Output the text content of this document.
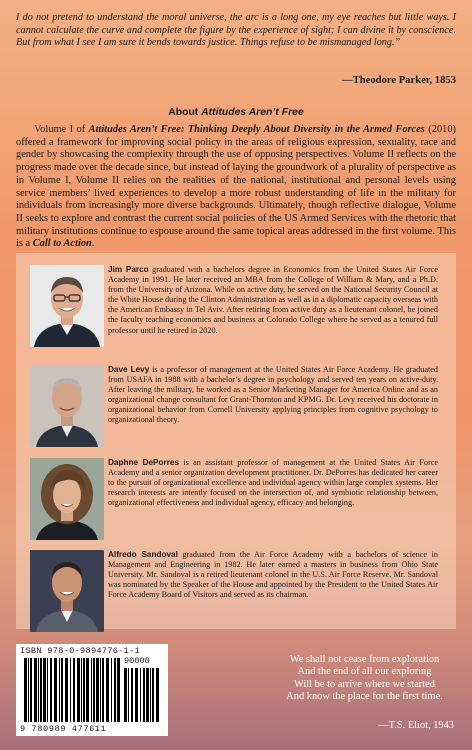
I do not pretend to understand the moral universe, the arc is a long one, my eye reaches but little ways. I cannot calculate the curve and complete the figure by the experience of sight; I can divine it by conscience. But from what I see I am sure it bends towards justice. Things refuse to be mismanaged long.”
—Theodore Parker, 1853
About Attitudes Aren’t Free
Volume I of Attitudes Aren’t Free: Thinking Deeply About Diversity in the Armed Forces (2010) offered a framework for improving social policy in the areas of religious expression, sexuality, race and gender by showcasing the complexity through the use of opposing perspectives. Volume II reflects on the progress made over the decade since, but instead of laying the groundwork of a plurality of perspective as in Volume I, Volume II relies on the realities of the national, institutional and personal levels using service members’ lived experiences to develop a more robust understanding of life in the military for individuals from increasingly more diverse backgrounds. Ultimately, though reflective dialogue, Volume II seeks to explore and contrast the current social policies of the US Armed Services with the rhetoric that military institutions continue to espouse around the same topical areas addressed in the first volume. This is a Call to Action.
Jim Parco graduated with a bachelors degree in Economics from the United States Air Force Academy in 1991. He later received an MBA from the College of William & Mary, and a Ph.D. from the University of Arizona. While on active duty, he served on the National Security Council at the White House during the Clinton Administration as well as in a diplomatic capacity overseas with the American Embassy in Tel Aviv. After retiring from active duty as a lieutenant colonel, he joined the faculty teaching economics and business at Colorado College where he served as a tenured full professor until he retired in 2020.
Dave Levy is a professor of management at the United States Air Force Academy. He graduated from USAFA in 1988 with a bachelor’s degree in psychology and served ten years on active-duty. After leaving the military, he worked as a Senior Marketing Manager for America Online and as an organizational change consultant for Grant-Thornton and KPMG. Dr. Levy received his doctorate in organizational behavior from Cornell University applying principles from cognitive psychology to organizational theory.
Daphne DePorres is an assistant professor of management at the United States Air Force Academy and a senior organization development practitioner. Dr. DePorres has dedicated her career to the pursuit of organizational excellence and individual agency within large complex systems. Her research interests are intently focused on the intersection of, and symbiotic relationship between, organizational effectiveness and individual agency, efficacy and belonging.
Alfredo Sandoval graduated from the Air Force Academy with a bachelors of science in Management and Engineering in 1982. He later earned a masters in business from Ohio State University. Mr. Sandoval is a retired lieutenant colonel in the U.S. Air Force Reserve. Mr. Sandoval was nominated by the Speaker of the House and appointed by the President to the United States Air Force Academy Board of Visitors and served as its chairman.
ISBN 978-0-9894776-1-1
90000
9 780989 477611
We shall not cease from exploration
And the end of all our exploring
Will be to arrive where we started
And know the place for the first time.
—T.S. Eliot, 1943
